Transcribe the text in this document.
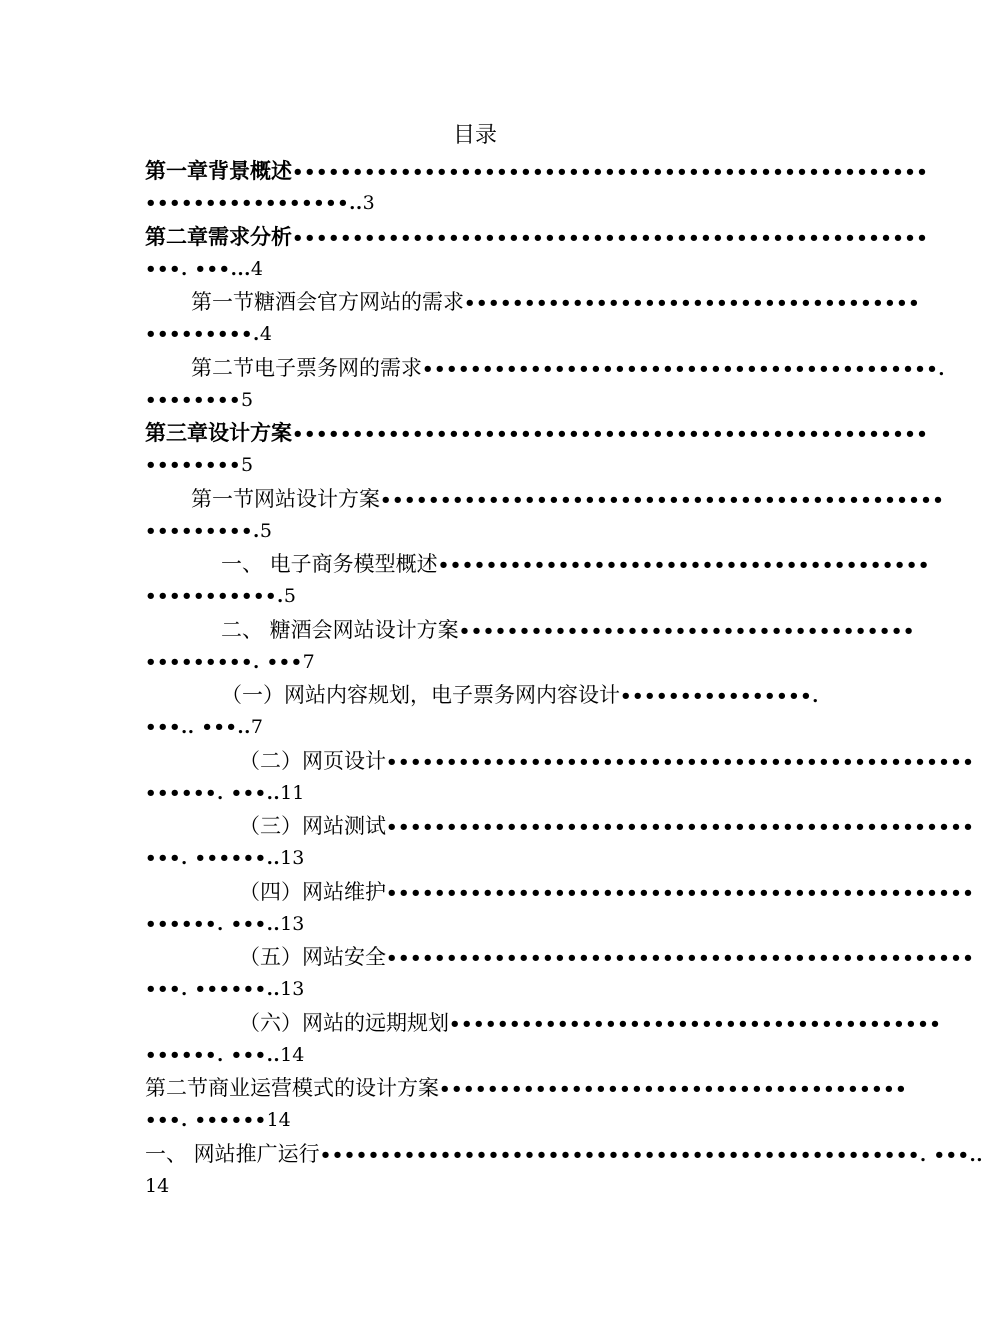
目录
第一章背景概述•••••••••••••••••••••••••••••••••••••••••••••••••••••
•••••••••••••••••..3
第二章需求分析•••••••••••••••••••••••••••••••••••••••••••••••••••••
•••. •••...4
第一节糖酒会官方网站的需求••••••••••••••••••••••••••••••••••••••
•••••••••.4
第二节电子票务网的需求•••••••••••••••••••••••••••••••••••••••••••.
••••••••5
第三章设计方案•••••••••••••••••••••••••••••••••••••••••••••••••••••
••••••••5
第一节网站设计方案•••••••••••••••••••••••••••••••••••••••••••••••
•••••••••.5
一、 电子商务模型概述•••••••••••••••••••••••••••••••••••••••••
•••••••••••.5
二、 糖酒会网站设计方案••••••••••••••••••••••••••••••••••••••
•••••••••. •••7
（一）网站内容规划，电子票务网内容设计••••••••••••••••.
•••.. •••..7
（二）网页设计•••••••••••••••••••••••••••••••••••••••••••••••••
••••••. •••..11
（三）网站测试•••••••••••••••••••••••••••••••••••••••••••••••••
•••. ••••••..13
（四）网站维护•••••••••••••••••••••••••••••••••••••••••••••••••
••••••. •••..13
（五）网站安全•••••••••••••••••••••••••••••••••••••••••••••••••
•••. ••••••..13
（六）网站的远期规划•••••••••••••••••••••••••••••••••••••••••
••••••. •••..14
第二节商业运营模式的设计方案•••••••••••••••••••••••••••••••••••••••
•••. ••••••14
一、 网站推广运行••••••••••••••••••••••••••••••••••••••••••••••••••. •••..
14
